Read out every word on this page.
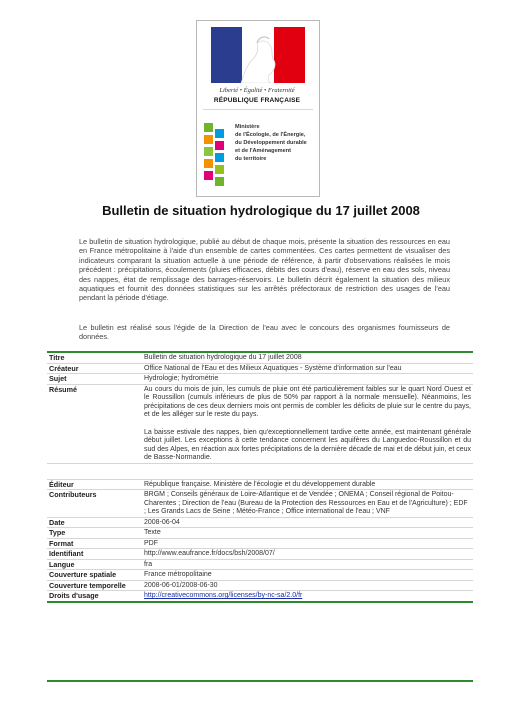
Liberté • Égalité • Fraternité
RÉPUBLIQUE FRANÇAISE
Ministère
de l'Écologie, de l'Énergie,
du Développement durable
et de l'Aménagement
du territoire
Bulletin de situation hydrologique du 17 juillet 2008

Le bulletin de situation hydrologique, publié au début de chaque mois, présente la situation des ressources en eau en France métropolitaine à l'aide d'un ensemble de cartes commentées. Ces cartes permettent de visualiser des indicateurs comparant la situation actuelle à une période de référence, à partir d'observations réalisées le mois précédent : précipitations, écoulements (pluies efficaces, débits des cours d'eau), réserve en eau des sols, niveau des nappes, état de remplissage des barrages-réservoirs. Le bulletin décrit également la situation des milieux aquatiques et fournit des données statistiques sur les arrêtés préfectoraux de restriction des usages de l'eau pendant la période d'étiage.

Le bulletin est réalisé sous l'égide de la Direction de l'eau avec le concours des organismes fournisseurs de données.

Titre	Bulletin de situation hydrologique du 17 juillet 2008
Créateur	Office National de l'Eau et des Milieux Aquatiques - Système d'information sur l'eau
Sujet	Hydrologie; hydrométrie
Résumé	Au cours du mois de juin, les cumuls de pluie ont été particulièrement faibles sur le quart Nord Ouest et le Roussillon (cumuls inférieurs de plus de 50% par rapport à la normale mensuelle). Néanmoins, les précipitations de ces deux derniers mois ont permis de combler les déficits de pluie sur le centre du pays, et de les alléger sur le reste du pays.

La baisse estivale des nappes, bien qu'exceptionnellement tardive cette année, est maintenant générale début juillet. Les exceptions à cette tendance concernent les aquifères du Languedoc-Roussillon et du sud des Alpes, en réaction aux fortes précipitations de la dernière décade de mai et de début juin, et ceux de Basse-Normandie.

Éditeur	République française. Ministère de l'écologie et du développement durable
Contributeurs	BRGM ; Conseils généraux de Loire-Atlantique et de Vendée ; ONEMA ; Conseil régional de Poitou-Charentes ; Direction de l'eau (Bureau de la Protection des Ressources en Eau et de l'Agriculture) ; EDF ; Les Grands Lacs de Seine ; Météo-France ; Office international de l'eau ; VNF
Date	2008-06-04
Type	Texte
Format	PDF
Identifiant	http://www.eaufrance.fr/docs/bsh/2008/07/
Langue	fra
Couverture spatiale	France métropolitaine
Couverture temporelle	2008-06-01/2008-06-30
Droits d'usage	http://creativecommons.org/licenses/by-nc-sa/2.0/fr
